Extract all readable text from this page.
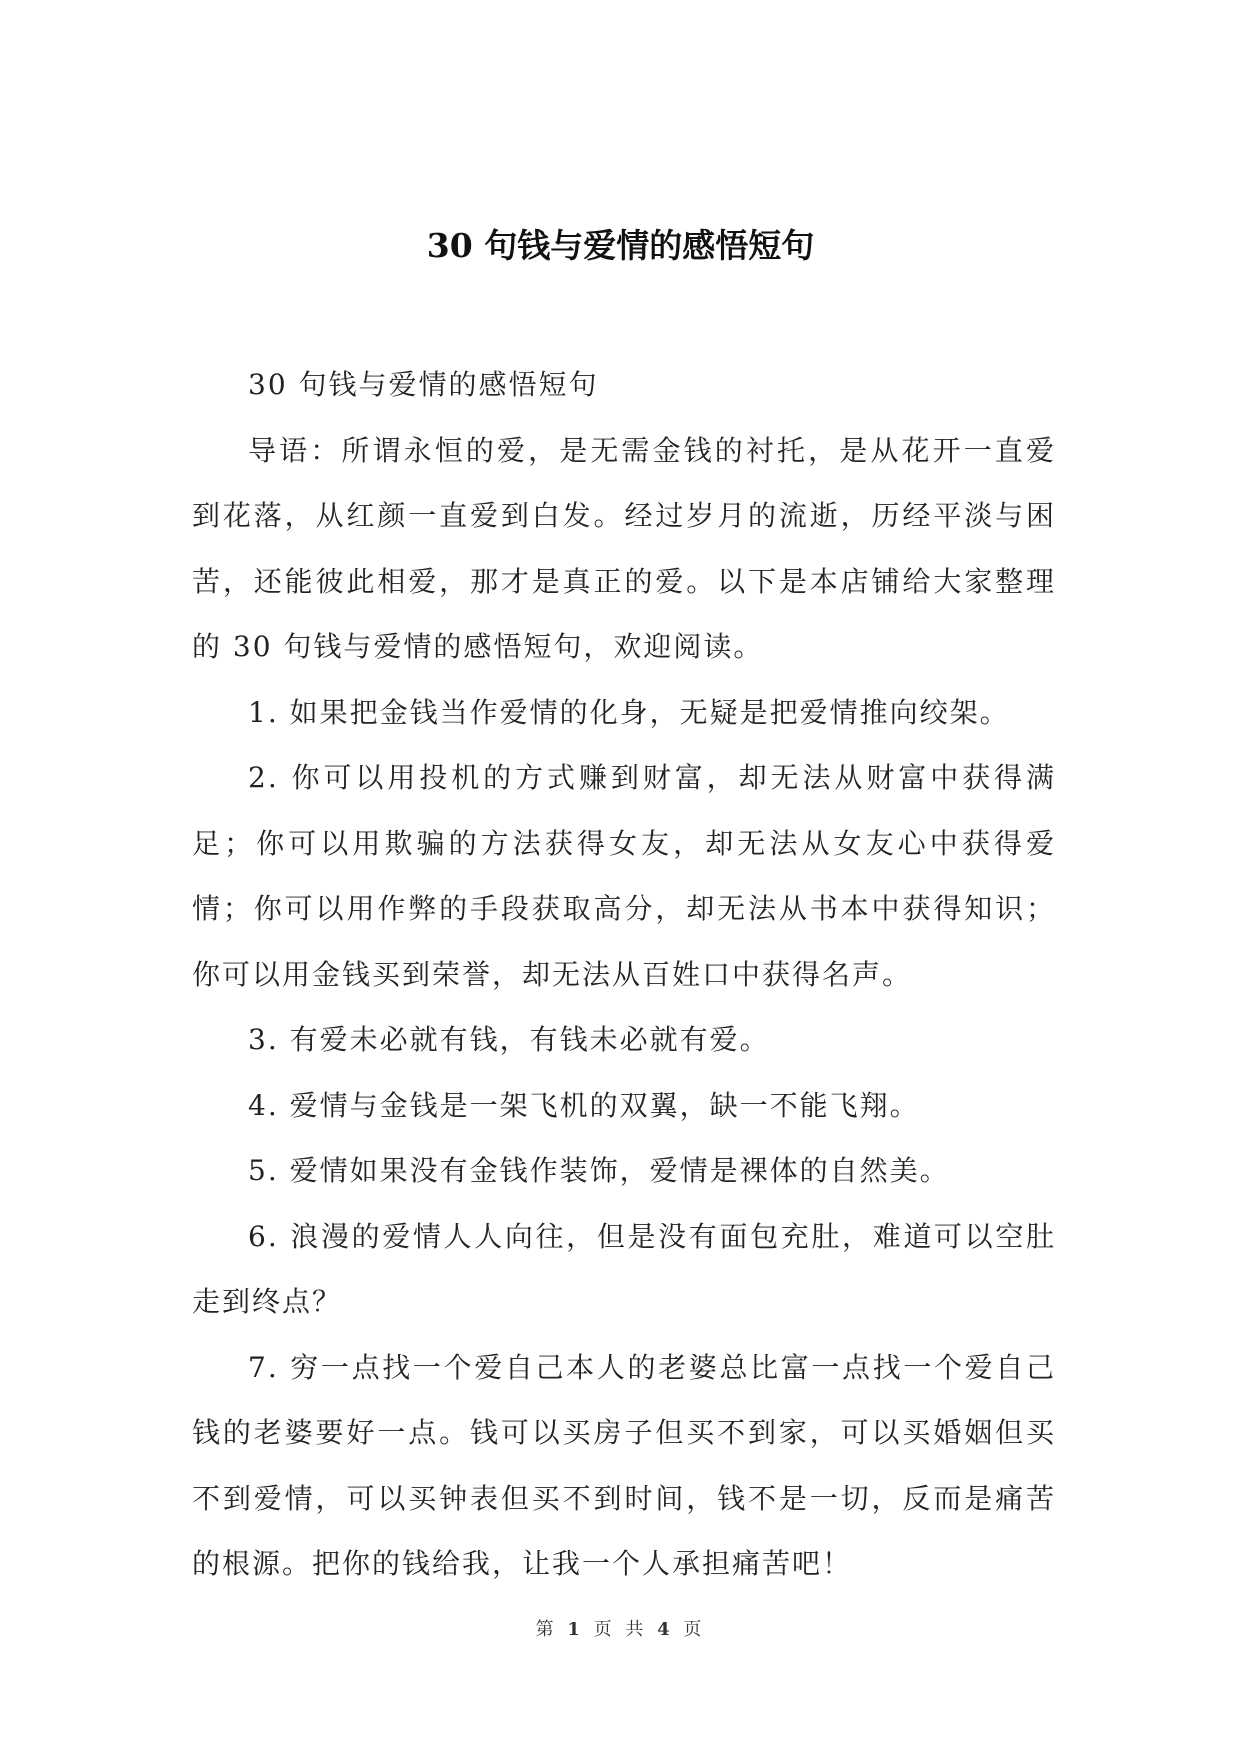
30 句钱与爱情的感悟短句

30 句钱与爱情的感悟短句

导语：所谓永恒的爱，是无需金钱的衬托，是从花开一直爱到花落，从红颜一直爱到白发。经过岁月的流逝，历经平淡与困苦，还能彼此相爱，那才是真正的爱。以下是本店铺给大家整理的 30 句钱与爱情的感悟短句，欢迎阅读。

1. 如果把金钱当作爱情的化身，无疑是把爱情推向绞架。

2. 你可以用投机的方式赚到财富，却无法从财富中获得满足；你可以用欺骗的方法获得女友，却无法从女友心中获得爱情；你可以用作弊的手段获取高分，却无法从书本中获得知识；你可以用金钱买到荣誉，却无法从百姓口中获得名声。

3. 有爱未必就有钱，有钱未必就有爱。

4. 爱情与金钱是一架飞机的双翼，缺一不能飞翔。

5. 爱情如果没有金钱作装饰，爱情是裸体的自然美。

6. 浪漫的爱情人人向往，但是没有面包充肚，难道可以空肚走到终点？

7. 穷一点找一个爱自己本人的老婆总比富一点找一个爱自己钱的老婆要好一点。钱可以买房子但买不到家，可以买婚姻但买不到爱情，可以买钟表但买不到时间，钱不是一切，反而是痛苦的根源。把你的钱给我，让我一个人承担痛苦吧！

第 1 页 共 4 页
